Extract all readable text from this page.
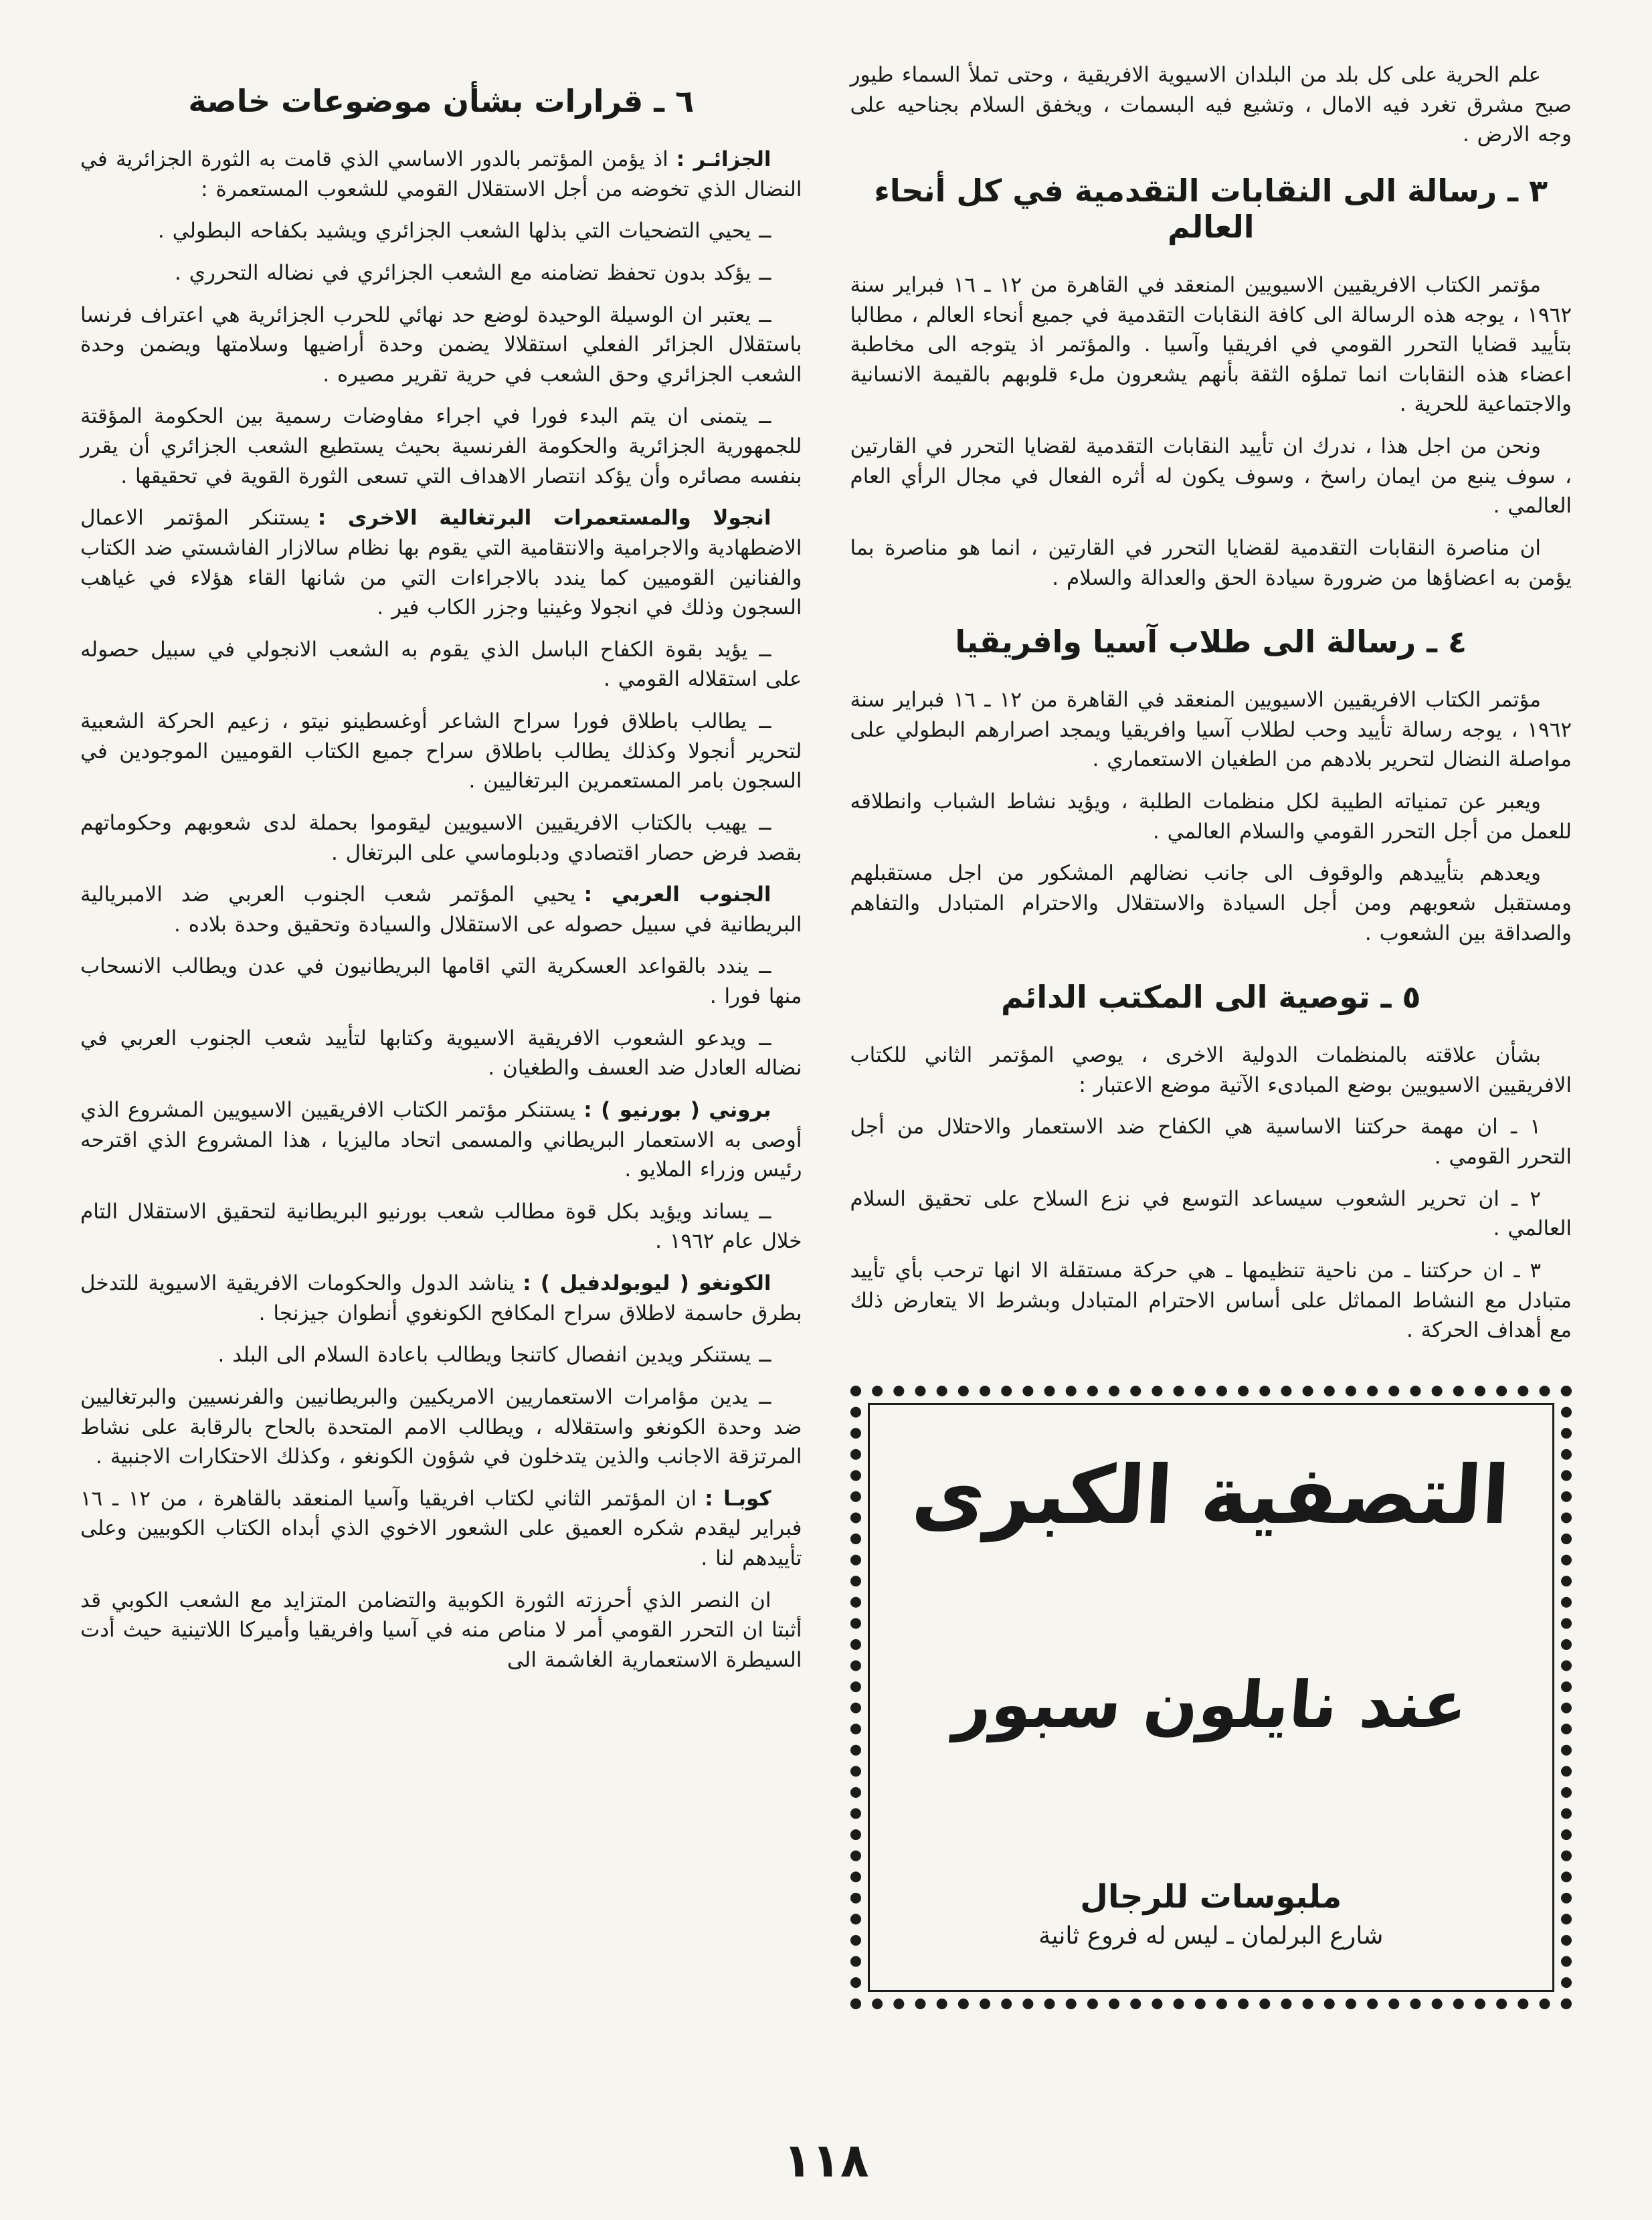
علم الحرية على كل بلد من البلدان الاسيوية الافريقية ، وحتى تملأ السماء طيور صبح مشرق تغرد فيه الامال ، وتشيع فيه البسمات ، ويخفق السلام بجناحيه على وجه الارض .

٣ ـ رسالة الى النقابات التقدمية في كل أنحاء العالم

مؤتمر الكتاب الافريقيين الاسيويين المنعقد في القاهرة من ١٢ ـ ١٦ فبراير سنة ١٩٦٢ ، يوجه هذه الرسالة الى كافة النقابات التقدمية في جميع أنحاء العالم ، مطالبا بتأييد قضايا التحرر القومي في افريقيا وآسيا . والمؤتمر اذ يتوجه الى مخاطبة اعضاء هذه النقابات انما تملؤه الثقة بأنهم يشعرون ملء قلوبهم بالقيمة الانسانية والاجتماعية للحرية .

ونحن من اجل هذا ، ندرك ان تأييد النقابات التقدمية لقضايا التحرر في القارتين ، سوف ينبع من ايمان راسخ ، وسوف يكون له أثره الفعال في مجال الرأي العام العالمي .

ان مناصرة النقابات التقدمية لقضايا التحرر في القارتين ، انما هو مناصرة بما يؤمن به اعضاؤها من ضرورة سيادة الحق والعدالة والسلام .

٤ ـ رسالة الى طلاب آسيا وافريقيا

مؤتمر الكتاب الافريقيين الاسيويين المنعقد في القاهرة من ١٢ ـ ١٦ فبراير سنة ١٩٦٢ ، يوجه رسالة تأييد وحب لطلاب آسيا وافريقيا ويمجد اصرارهم البطولي على مواصلة النضال لتحرير بلادهم من الطغيان الاستعماري .

ويعبر عن تمنياته الطيبة لكل منظمات الطلبة ، ويؤيد نشاط الشباب وانطلاقه للعمل من أجل التحرر القومي والسلام العالمي .

ويعدهم بتأييدهم والوقوف الى جانب نضالهم المشكور من اجل مستقبلهم ومستقبل شعوبهم ومن أجل السيادة والاستقلال والاحترام المتبادل والتفاهم والصداقة بين الشعوب .

٥ ـ توصية الى المكتب الدائم

بشأن علاقته بالمنظمات الدولية الاخرى ، يوصي المؤتمر الثاني للكتاب الافريقيين الاسيويين بوضع المبادىء الآتية موضع الاعتبار :

١ ـ ان مهمة حركتنا الاساسية هي الكفاح ضد الاستعمار والاحتلال من أجل التحرر القومي .

٢ ـ ان تحرير الشعوب سيساعد التوسع في نزع السلاح على تحقيق السلام العالمي .

٣ ـ ان حركتنا ـ من ناحية تنظيمها ـ هي حركة مستقلة الا انها ترحب بأي تأييد متبادل مع النشاط المماثل على أساس الاحترام المتبادل وبشرط الا يتعارض ذلك مع أهداف الحركة .

التصفية الكبرى
عند نايلون سبور
ملبوسات للرجال
شارع البرلمان ـ ليس له فروع ثانية
٦ ـ قرارات بشأن موضوعات خاصة

الجزائـر :اذ يؤمن المؤتمر بالدور الاساسي الذي قامت به الثورة الجزائرية في النضال الذي تخوضه من أجل الاستقلال القومي للشعوب المستعمرة :

ــ يحيي التضحيات التي بذلها الشعب الجزائري ويشيد بكفاحه البطولي .

ــ يؤكد بدون تحفظ تضامنه مع الشعب الجزائري في نضاله التحرري .

ــ يعتبر ان الوسيلة الوحيدة لوضع حد نهائي للحرب الجزائرية هي اعتراف فرنسا باستقلال الجزائر الفعلي استقلالا يضمن وحدة أراضيها وسلامتها ويضمن وحدة الشعب الجزائري وحق الشعب في حرية تقرير مصيره .

ــ يتمنى ان يتم البدء فورا في اجراء مفاوضات رسمية بين الحكومة المؤقتة للجمهورية الجزائرية والحكومة الفرنسية بحيث يستطيع الشعب الجزائري أن يقرر بنفسه مصائره وأن يؤكد انتصار الاهداف التي تسعى الثورة القوية في تحقيقها .

انجولا والمستعمرات البرتغالية الاخرى :يستنكر المؤتمر الاعمال الاضطهادية والاجرامية والانتقامية التي يقوم بها نظام سالازار الفاشستي ضد الكتاب والفنانين القوميين كما يندد بالاجراءات التي من شانها القاء هؤلاء في غياهب السجون وذلك في انجولا وغينيا وجزر الكاب فير .

ــ يؤيد بقوة الكفاح الباسل الذي يقوم به الشعب الانجولي في سبيل حصوله على استقلاله القومي .

ــ يطالب باطلاق فورا سراح الشاعر أوغسطينو نيتو ، زعيم الحركة الشعبية لتحرير أنجولا وكذلك يطالب باطلاق سراح جميع الكتاب القوميين الموجودين في السجون بامر المستعمرين البرتغاليين .

ــ يهيب بالكتاب الافريقيين الاسيويين ليقوموا بحملة لدى شعوبهم وحكوماتهم بقصد فرض حصار اقتصادي ودبلوماسي على البرتغال .

الجنوب العربي :يحيي المؤتمر شعب الجنوب العربي ضد الامبريالية البريطانية في سبيل حصوله عى الاستقلال والسيادة وتحقيق وحدة بلاده .

ــ يندد بالقواعد العسكرية التي اقامها البريطانيون في عدن ويطالب الانسحاب منها فورا .

ــ ويدعو الشعوب الافريقية الاسيوية وكتابها لتأييد شعب الجنوب العربي في نضاله العادل ضد العسف والطغيان .

بروني ( بورنيو ) :يستنكر مؤتمر الكتاب الافريقيين الاسيويين المشروع الذي أوصى به الاستعمار البريطاني والمسمى اتحاد ماليزيا ، هذا المشروع الذي اقترحه رئيس وزراء الملايو .

ــ يساند ويؤيد بكل قوة مطالب شعب بورنيو البريطانية لتحقيق الاستقلال التام خلال عام ١٩٦٢ .

الكونغو ( ليوبولدفيل ) :يناشد الدول والحكومات الافريقية الاسيوية للتدخل بطرق حاسمة لاطلاق سراح المكافح الكونغوي أنطوان جيزنجا .

ــ يستنكر ويدين انفصال كاتنجا ويطالب باعادة السلام الى البلد .

ــ يدين مؤامرات الاستعماريين الامريكيين والبريطانيين والفرنسيين والبرتغاليين ضد وحدة الكونغو واستقلاله ، ويطالب الامم المتحدة بالحاح بالرقابة على نشاط المرتزقة الاجانب والذين يتدخلون في شؤون الكونغو ، وكذلك الاحتكارات الاجنبية .

كوبـا :ان المؤتمر الثاني لكتاب افريقيا وآسيا المنعقد بالقاهرة ، من ١٢ ـ ١٦ فبراير ليقدم شكره العميق على الشعور الاخوي الذي أبداه الكتاب الكوبيين وعلى تأييدهم لنا .

ان النصر الذي أحرزته الثورة الكوبية والتضامن المتزايد مع الشعب الكوبي قد أثبتا ان التحرر القومي أمر لا مناص منه في آسيا وافريقيا وأميركا اللاتينية حيث أدت السيطرة الاستعمارية الغاشمة الى

١١٨
